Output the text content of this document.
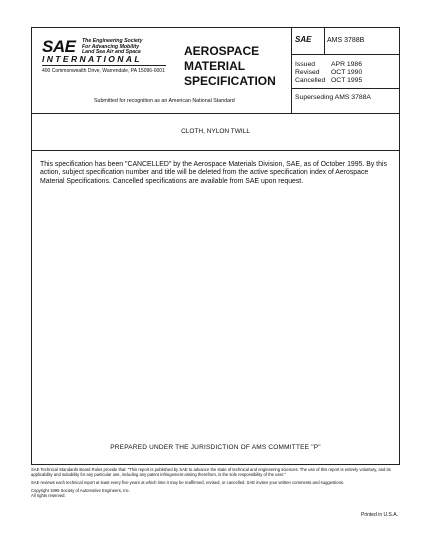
SAE The Engineering Society
For Advancing Mobility
Land Sea Air and Space
INTERNATIONAL
400 Commonwealth Drive, Warrendale, PA 15096-0001
AEROSPACE
MATERIAL
SPECIFICATION
Submitted for recognition as an American National Standard
SAE AMS 3788B
Issued	APR 1986
Revised	OCT 1990
Cancelled OCT 1995
Superseding AMS 3788A
CLOTH, NYLON TWILL
This specification has been "CANCELLED" by the Aerospace Materials Division, SAE, as of October 1995. By this action, subject specification number and title will be deleted from the active specification index of Aerospace Material Specifications. Cancelled specifications are available from SAE upon request.
PREPARED UNDER THE JURISDICTION OF AMS COMMITTEE "P"

SAE Technical Standards Board Rules provide that: "This report is published by SAE to advance the state of technical and engineering sciences. The use of this report is entirely voluntary, and its applicability and suitability for any particular use, including any patent infringement arising therefrom, is the sole responsibility of the user."

SAE reviews each technical report at least every five years at which time it may be reaffirmed, revised, or cancelled. SAE invites your written comments and suggestions.

Copyright 1995 Society of Automotive Engineers, Inc.
All rights reserved.

Printed in U.S.A.
